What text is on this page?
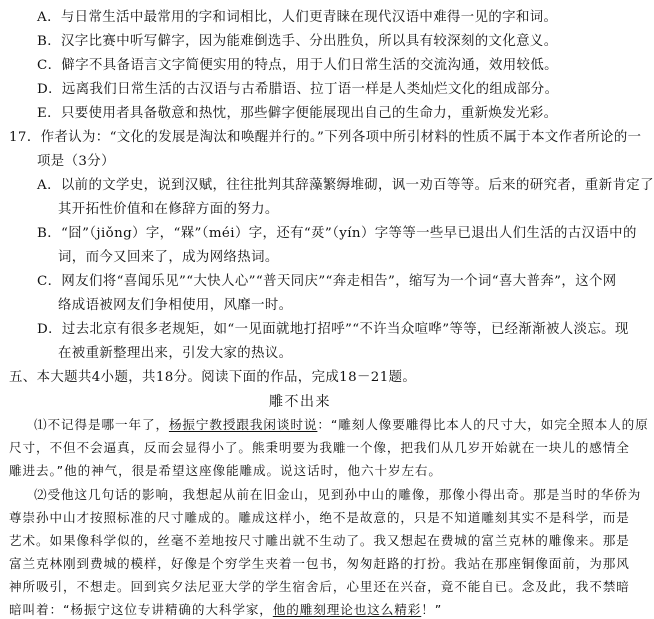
A．与日常生活中最常用的字和词相比，人们更青睐在现代汉语中难得一见的字和词。
B．汉字比赛中听写僻字，因为能难倒选手、分出胜负，所以具有较深刻的文化意义。
C．僻字不具备语言文字简便实用的特点，用于人们日常生活的交流沟通，效用较低。
D．远离我们日常生活的古汉语与古希腊语、拉丁语一样是人类灿烂文化的组成部分。
E．只要使用者具备敬意和热忱，那些僻字便能展现出自己的生命力，重新焕发光彩。
17．作者认为：“文化的发展是淘汰和唤醒并行的。”下列各项中所引材料的性质不属于本文作者所论的一
项是（3分）
A．以前的文学史，说到汉赋，往往批判其辞藻繁缛堆砌，讽一劝百等等。后来的研究者，重新肯定了
其开拓性价值和在修辞方面的努力。
B．“囧”（jiǒng）字，“槑”（méi）字，还有“烎”（yín）字等等一些早已退出人们生活的古汉语中的
词，而今又回来了，成为网络热词。
C．网友们将“喜闻乐见”“大快人心”“普天同庆”“奔走相告”，缩写为一个词“喜大普奔”，这个网
络成语被网友们争相使用，风靡一时。
D．过去北京有很多老规矩，如“一见面就地打招呼”“不许当众喧哗”等等，已经渐渐被人淡忘。现
在被重新整理出来，引发大家的热议。
五、本大题共4小题，共18分。阅读下面的作品，完成18－21题。
雕不出来
⑴不记得是哪一年了，杨振宁教授跟我闲谈时说：“雕刻人像要雕得比本人的尺寸大，如完全照本人的原
尺寸，不但不会逼真，反而会显得小了。熊秉明要为我雕一个像，把我们从几岁开始就在一块儿的感情全
雕进去。”他的神气，很是希望这座像能雕成。说这话时，他六十岁左右。
⑵受他这几句话的影响，我想起从前在旧金山，见到孙中山的雕像，那像小得出奇。那是当时的华侨为
尊崇孙中山才按照标准的尺寸雕成的。雕成这样小，绝不是故意的，只是不知道雕刻其实不是科学，而是
艺术。如果像科学似的，丝毫不差地按尺寸雕出就不生动了。我又想起在费城的富兰克林的雕像来。那是
富兰克林刚到费城的模样，好像是个穷学生夹着一包书，匆匆赶路的打扮。我站在那座铜像面前，为那风
神所吸引，不想走。回到宾夕法尼亚大学的学生宿舍后，心里还在兴奋，竟不能自已。念及此，我不禁暗
暗叫着：“杨振宁这位专讲精确的大科学家，他的雕刻理论也这么精彩！”
